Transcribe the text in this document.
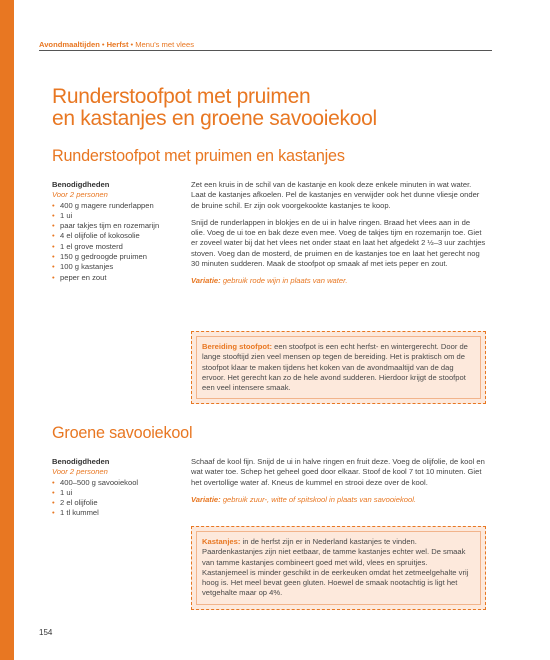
Avondmaaltijden • Herfst • Menu's met vlees
Runderstoofpot met pruimen
en kastanjes en groene savooiekool
Runderstoofpot met pruimen en kastanjes
Benodigdheden
Voor 2 personen
• 400 g magere runderlappen
• 1 ui
• paar takjes tijm en rozemarijn
• 4 el olijfolie of kokosolie
• 1 el grove mosterd
• 150 g gedroogde pruimen
• 100 g kastanjes
• peper en zout

Zet een kruis in de schil van de kastanje en kook deze enkele minuten in wat water. Laat de kastanjes afkoelen. Pel de kastanjes en verwijder ook het dunne vliesje onder de bruine schil. Er zijn ook voorgekookte kastanjes te koop.

Snijd de runderlappen in blokjes en de ui in halve ringen. Braad het vlees aan in de olie. Voeg de ui toe en bak deze even mee. Voeg de takjes tijm en rozemarijn toe. Giet er zoveel water bij dat het vlees net onder staat en laat het afgedekt 2 ½–3 uur zachtjes stoven. Voeg dan de mosterd, de pruimen en de kastanjes toe en laat het gerecht nog 30 minuten sudderen. Maak de stoofpot op smaak af met iets peper en zout.

Variatie: gebruik rode wijn in plaats van water.

Bereiding stoofpot: een stoofpot is een echt herfst- en wintergerecht. Door de lange stooftijd zien veel mensen op tegen de bereiding. Het is praktisch om de stoofpot klaar te maken tijdens het koken van de avondmaaltijd van de dag ervoor. Het gerecht kan zo de hele avond sudderen. Hierdoor krijgt de stoofpot een veel intensere smaak.
Groene savooiekool
Benodigdheden
Voor 2 personen
• 400–500 g savooiekool
• 1 ui
• 2 el olijfolie
• 1 tl kummel

Schaaf de kool fijn. Snijd de ui in halve ringen en fruit deze. Voeg de olijfolie, de kool en wat water toe. Schep het geheel goed door elkaar. Stoof de kool 7 tot 10 minuten. Giet het overtollige water af. Kneus de kummel en strooi deze over de kool.

Variatie: gebruik zuur-, witte of spitskool in plaats van savooiekool.

Kastanjes: in de herfst zijn er in Nederland kastanjes te vinden. Paardenkastanjes zijn niet eetbaar, de tamme kastanjes echter wel. De smaak van tamme kastanjes combineert goed met wild, vlees en spruitjes. Kastanjemeel is minder geschikt in de eerkeuken omdat het zetmeelgehalte vrij hoog is. Het meel bevat geen gluten. Hoewel de smaak nootachtig is ligt het vetgehalte maar op 4%.
154
